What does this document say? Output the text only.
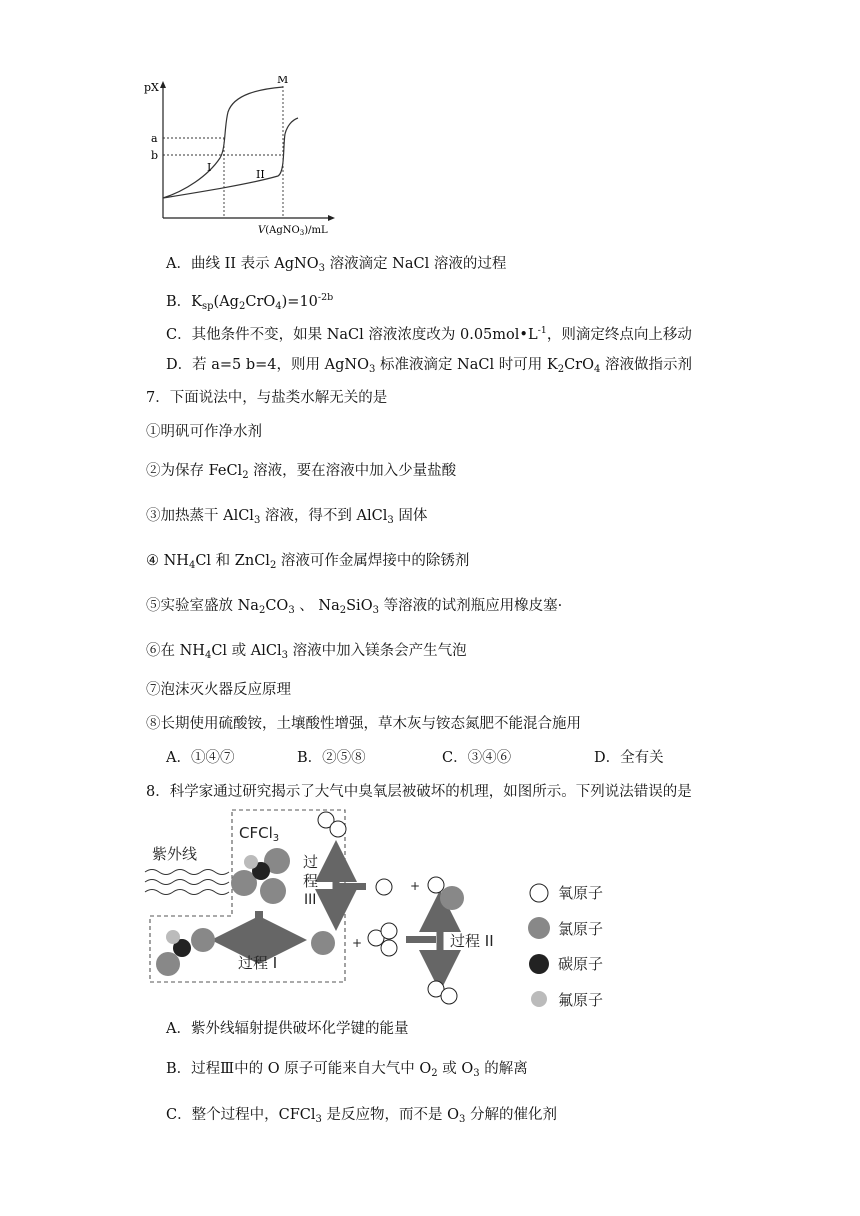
pX
a
b
M
I
II
V(AgNO$_3$)/mL
A．曲线 II 表示 AgNO$_3$ 溶液滴定 NaCl 溶液的过程
B．$K_{sp}(Ag_2CrO_4)=10^{-2b}$
C．其他条件不变，如果 NaCl 溶液浓度改为 $0.05mol•L^{-1}$，则滴定终点向上移动
D．若 a=5 b=4，则用 AgNO$_3$ 标准液滴定 NaCl 时可用 $K_2CrO_4$ 溶液做指示剂
7．下面说法中，与盐类水解无关的是
①明矾可作净水剂
②为保存 FeCl$_2$ 溶液，要在溶液中加入少量盐酸
③加热蒸干 AlCl$_3$ 溶液，得不到 AlCl$_3$ 固体
④ $NH_4Cl$ 和 ZnCl$_2$ 溶液可作金属焊接中的除锈剂
⑤实验室盛放 $Na_2CO_3$ 、 $Na_2SiO_3$ 等溶液的试剂瓶应用橡皮塞·
⑥在 $NH_4Cl$ 或 AlCl$_3$ 溶液中加入镁条会产生气泡
⑦泡沫灭火器反应原理
⑧长期使用硫酸铵，土壤酸性增强，草木灰与铵态氮肥不能混合施用
A．①④⑦	B．②⑤⑧	C．③④⑥	D．全有关
8．科学家通过研究揭示了大气中臭氧层被破坏的机理，如图所示。下列说法错误的是
紫外线
CFCl$_3$
过程 I
+	过程 II
+
过
程
III	氧原子
氯原子
碳原子
氟原子
A．紫外线辐射提供破坏化学键的能量
B．过程Ⅲ中的 O 原子可能来自大气中 $O_2$ 或 $O_3$ 的解离
C．整个过程中，CFCl$_3$ 是反应物，而不是 $O_3$ 分解的催化剂
